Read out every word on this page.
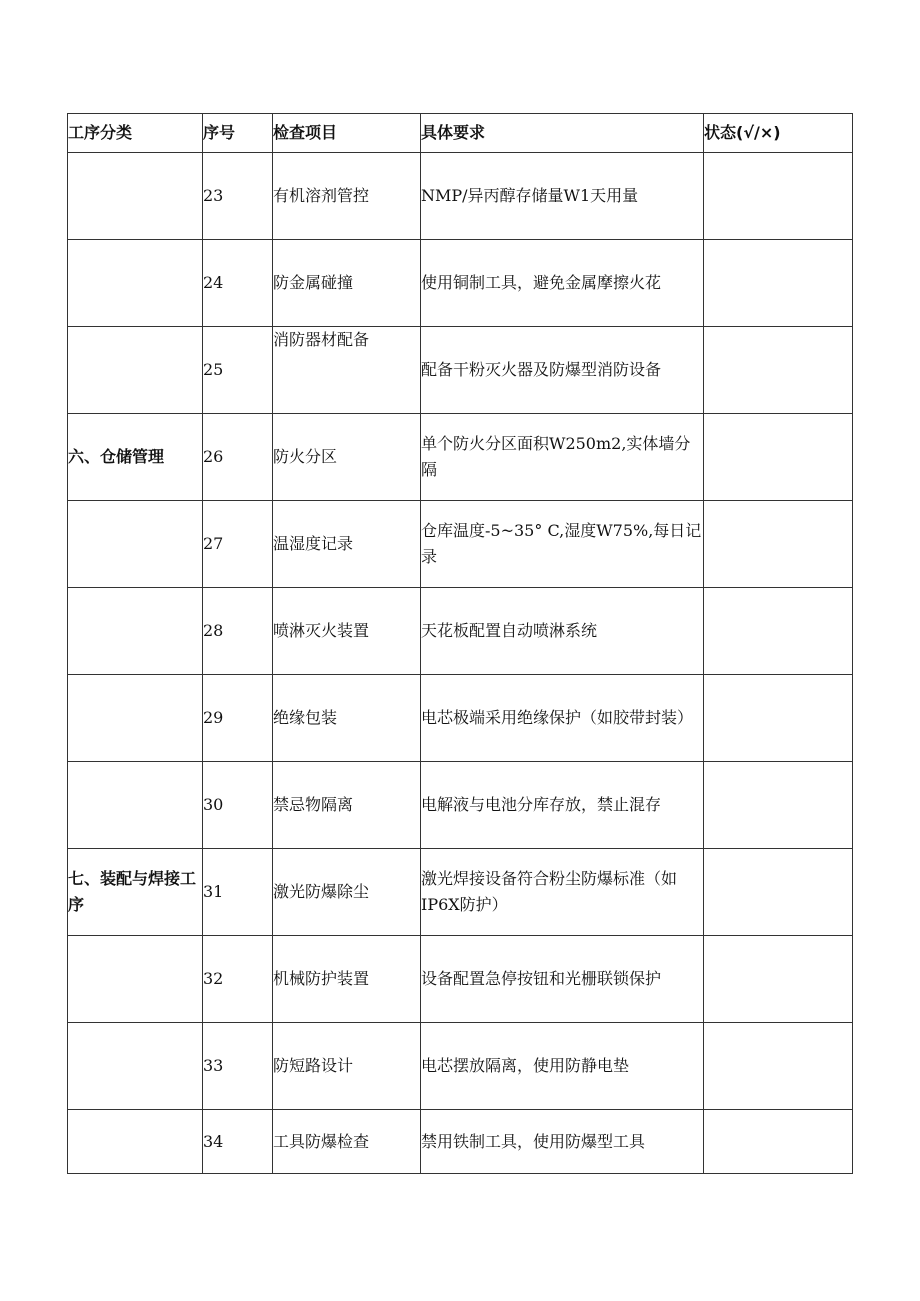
工序分类	序号	检查项目	具体要求	状态(√/×)
	23	有机溶剂管控	NMP/异丙醇存储量W1天用量	
	24	防金属碰撞	使用铜制工具，避免金属摩擦火花	
	25	消防器材配备	配备干粉灭火器及防爆型消防设备	
六、仓储管理	26	防火分区	单个防火分区面积W250m2,实体墙分隔	
	27	温湿度记录	仓库温度-5~35° C,湿度W75%,每日记录	
	28	喷淋灭火装置	天花板配置自动喷淋系统	
	29	绝缘包装	电芯极端采用绝缘保护（如胶带封装）	
	30	禁忌物隔离	电解液与电池分库存放，禁止混存	
七、装配与焊接工序	31	激光防爆除尘	激光焊接设备符合粉尘防爆标准（如IP6X防护）	
	32	机械防护装置	设备配置急停按钮和光栅联锁保护	
	33	防短路设计	电芯摆放隔离，使用防静电垫	
	34	工具防爆检查	禁用铁制工具，使用防爆型工具	
